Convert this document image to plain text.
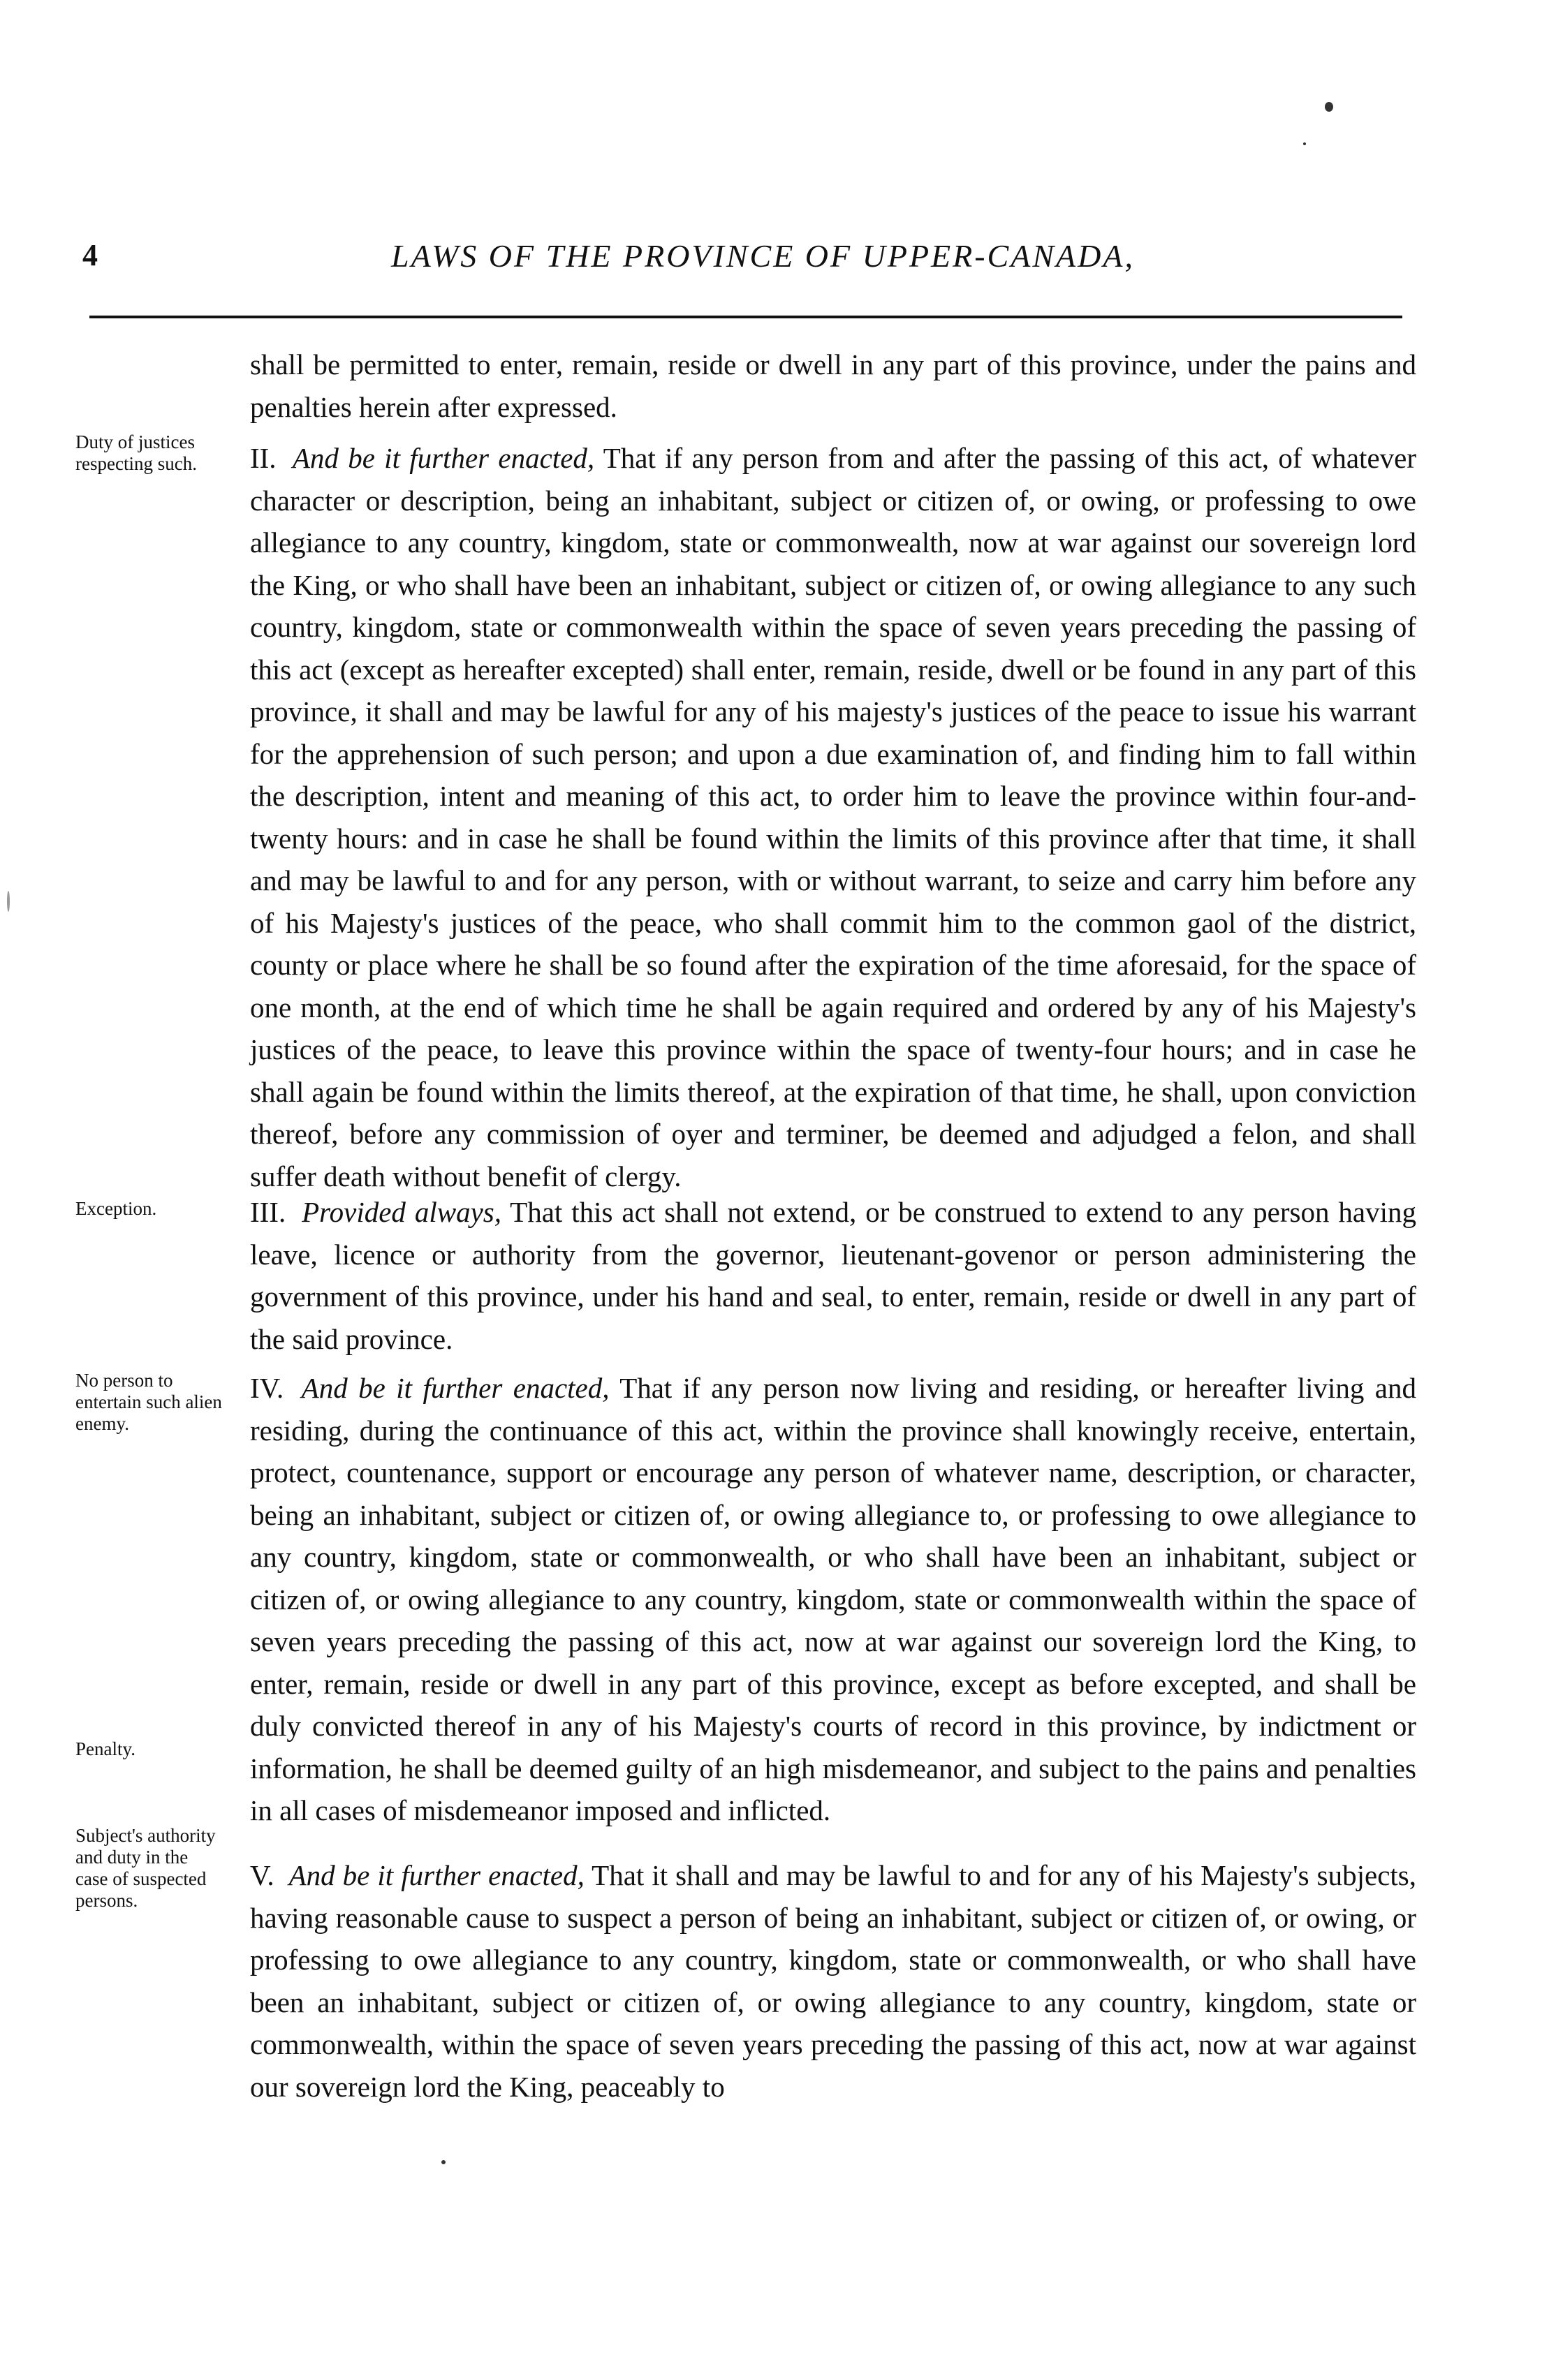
4	LAWS OF THE PROVINCE OF UPPER-CANADA,
Duty of justices respecting such.
Exception.
No person to entertain such alien enemy.
Penalty.
Subject's authority and duty in the case of suspected persons.

shall be permitted to enter, remain, reside or dwell in any part of this province, under the pains and penalties herein after expressed.

II. And be it further enacted, That if any person from and after the passing of this act, of whatever character or description, being an inhabitant, subject or citizen of, or owing, or professing to owe allegiance to any country, kingdom, state or commonwealth, now at war against our sovereign lord the King, or who shall have been an inhabitant, subject or citizen of, or owing allegiance to any such country, kingdom, state or commonwealth within the space of seven years preceding the passing of this act (except as hereafter excepted) shall enter, remain, reside, dwell or be found in any part of this province, it shall and may be lawful for any of his majesty's justices of the peace to issue his warrant for the apprehension of such person; and upon a due examination of, and finding him to fall within the description, intent and meaning of this act, to order him to leave the province within four-and-twenty hours: and in case he shall be found within the limits of this province after that time, it shall and may be lawful to and for any person, with or without warrant, to seize and carry him before any of his Majesty's justices of the peace, who shall commit him to the common gaol of the district, county or place where he shall be so found after the expiration of the time aforesaid, for the space of one month, at the end of which time he shall be again required and ordered by any of his Majesty's justices of the peace, to leave this province within the space of twenty-four hours; and in case he shall again be found within the limits thereof, at the expiration of that time, he shall, upon conviction thereof, before any commission of oyer and terminer, be deemed and adjudged a felon, and shall suffer death without benefit of clergy.

III. Provided always, That this act shall not extend, or be construed to extend to any person having leave, licence or authority from the governor, lieutenant-govenor or person administering the government of this province, under his hand and seal, to enter, remain, reside or dwell in any part of the said province.

IV. And be it further enacted, That if any person now living and residing, or hereafter living and residing, during the continuance of this act, within the province shall knowingly receive, entertain, protect, countenance, support or encourage any person of whatever name, description, or character, being an inhabitant, subject or citizen of, or owing allegiance to, or professing to owe allegiance to any country, kingdom, state or commonwealth, or who shall have been an inhabitant, subject or citizen of, or owing allegiance to any country, kingdom, state or commonwealth within the space of seven years preceding the passing of this act, now at war against our sovereign lord the King, to enter, remain, reside or dwell in any part of this province, except as before excepted, and shall be duly convicted thereof in any of his Majesty's courts of record in this province, by indictment or information, he shall be deemed guilty of an high misdemeanor, and subject to the pains and penalties in all cases of misdemeanor imposed and inflicted.

V. And be it further enacted, That it shall and may be lawful to and for any of his Majesty's subjects, having reasonable cause to suspect a person of being an inhabitant, subject or citizen of, or owing, or professing to owe allegiance to any country, kingdom, state or commonwealth, or who shall have been an inhabitant, subject or citizen of, or owing allegiance to any country, kingdom, state or commonwealth, within the space of seven years preceding the passing of this act, now at war against our sovereign lord the King, peaceably to
